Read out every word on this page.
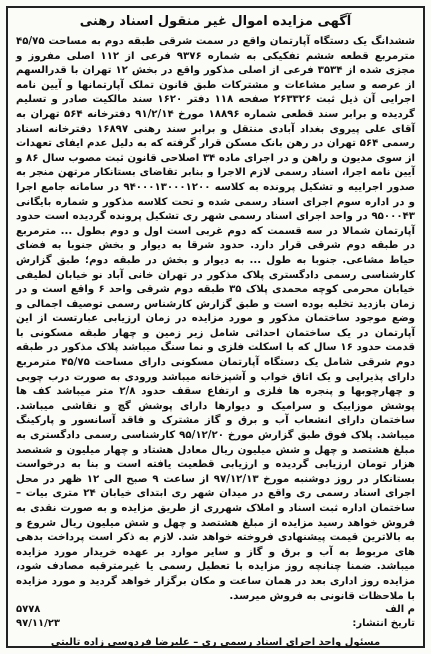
آگهی مزایده اموال غیر منقول اسناد رهنی
ششدانگ یک دستگاه آپارتمان واقع در سمت شرقی طبقه دوم به مساحت ۴۵/۷۵ مترمربع قطعه ششم تفکیکی به شماره ۹۳۷۶ فرعی از ۱۱۲ اصلی مفروز و مجزی شده از ۳۵۳۴ فرعی از اصلی مذکور واقع در بخش ۱۲ تهران با قدرالسهم از عرصه و سایر مشاعات و مشترکات طبق قانون تملک آپارتمانها و آیین نامه اجرایی آن ذیل ثبت ۲۶۳۳۲۶ صفحه ۱۱۸ دفتر ۱۶۲۰ سند مالکیت صادر و تسلیم گردیده و برابر سند قطعی شماره ۱۸۸۹۶ مورخ ۹۱/۲/۱۴ دفترخانه ۵۶۴ تهران به آقای علی پیروی بغداد آبادی منتقل و برابر سند رهنی ۱۶۸۹۷ دفترخانه اسناد رسمی ۵۶۴ تهران در رهن بانک مسکن قرار گرفته که به دلیل عدم ایفای تعهدات از سوی مدیون و راهن و در اجرای ماده ۳۴ اصلاحی قانون ثبت مصوب سال ۸۶ و آیین نامه اجرا، اسناد رسمی لازم الاجرا و بنابر تقاضای بستانکار مرتهن منجر به صدور اجراییه و تشکیل پرونده به کلاسه ۹۴۰۰۰۱۳۰۰۰۱۲۰۰ در سامانه جامع اجرا و در اداره سوم اجرای اسناد رسمی شده و تحت کلاسه مذکور و شماره بایگانی ۹۵۰۰۰۴۳ در واحد اجرای اسناد رسمی شهر ری تشکیل پرونده گردیده است حدود آپارتمان شمالا در سه قسمت که دوم غربی است اول و دوم بطول ... مترمربع در طبقه دوم شرقی قرار دارد. حدود شرقا به دیوار و بخش جنوبا به فضای حیاط مشاعی. جنوبا به طول ... به دیوار و بخش در طبقه دوم؛ طبق گزارش کارشناسی رسمی دادگستری پلاک مذکور در تهران خانی آباد نو خیابان لطیفی خیابان محرمی کوچه محمدی پلاک ۳۵ طبقه دوم شرقی واحد ۶ واقع است و در زمان بازدید تخلیه بوده است و طبق گزارش کارشناس رسمی توصیف اجمالی و وضع موجود ساختمان مذکور و مورد مزایده در زمان ارزیابی عبارتست از این آپارتمان در یک ساختمان احداثی شامل زیر زمین و چهار طبقه مسکونی با قدمت حدود ۱۶ سال که با اسکلت فلزی و نما سنگ میباشد پلاک مذکور در طبقه دوم شرقی شامل یک دستگاه آپارتمان مسکونی دارای مساحت ۴۵/۷۵ مترمربع دارای پذیرایی و یک اتاق خواب و آشپزخانه میباشد ورودی به صورت درب چوبی و چهارچوبها و پنجره ها فلزی و ارتفاع سقف حدود ۲/۸ متر میباشد کف ها پوشش موزاییک و سرامیک و دیوارها دارای پوشش گچ و نقاشی میباشد. ساختمان دارای انشعاب آب و برق و گاز مشترک و فاقد آسانسور و پارکینگ میباشد. پلاک فوق طبق گزارش مورخ ۹۵/۱۲/۲۰ کارشناسی رسمی دادگستری به مبلغ هشتصد و چهل و شش میلیون ریال معادل هشتاد و چهار میلیون و ششصد هزار تومان ارزیابی گردیده و ارزیابی قطعیت یافته است و بنا به درخواست بستانکار در روز دوشنبه مورخ ۹۷/۱۲/۱۳ از ساعت ۹ صبح الی ۱۲ ظهر در محل اجرای اسناد رسمی ری واقع در میدان شهر ری ابتدای خیابان ۲۴ متری بیات – ساختمان اداره ثبت اسناد و املاک شهرری از طریق مزایده و به صورت نقدی به فروش خواهد رسید مزایده از مبلغ هشتصد و چهل و شش میلیون ریال شروع و به بالاترین قیمت پیشنهادی فروخته خواهد شد. لازم به ذکر است پرداخت بدهی های مربوط به آب و برق و گاز و سایر موارد بر عهده خریدار مورد مزایده میباشد. ضمنا چنانچه روز مزایده با تعطیل رسمی یا غیرمترقبه مصادف شود، مزایده روز اداری بعد در همان ساعت و مکان برگزار خواهد گردید و مورد مزایده با ملاحظات قانونی به فروش میرسد.
م الف
۵۷۷۸
تاریخ انتشار:
۹۷/۱۱/۲۳
مسئول واحد اجرای اسناد رسمی ری – علیرضا فردوسی زاده تالیتی
